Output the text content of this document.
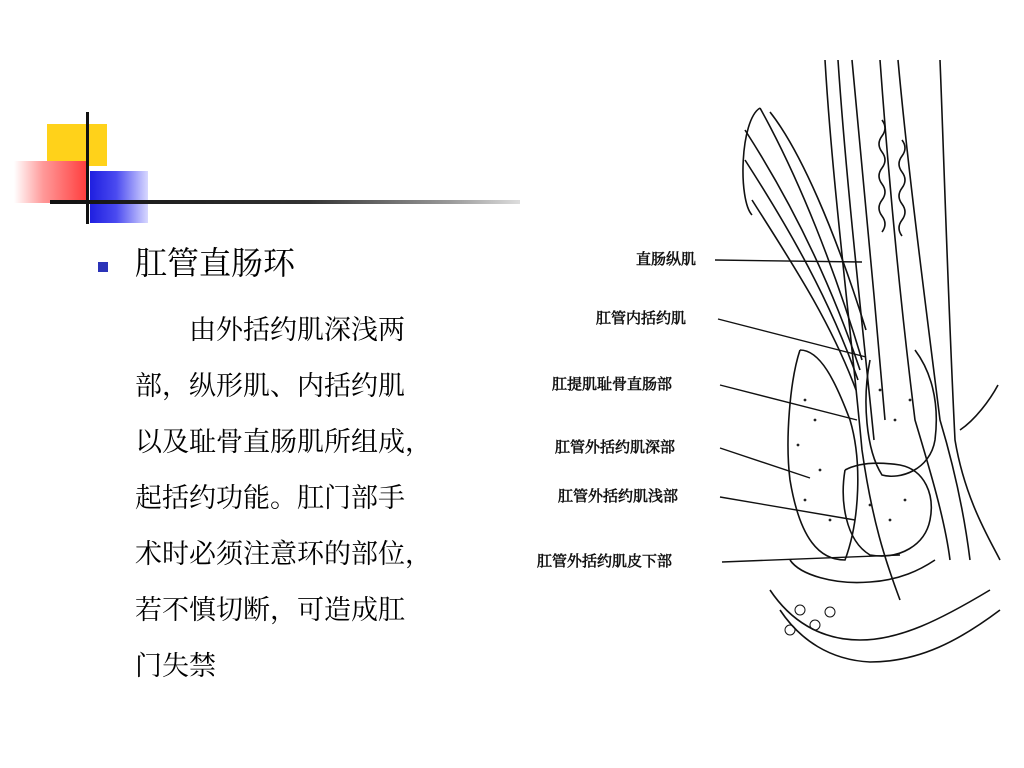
肛管直肠环

　　由外括约肌深浅两
部，纵形肌、内括约肌
以及耻骨直肠肌所组成，
起括约功能。肛门部手
术时必须注意环的部位，
若不慎切断，可造成肛
门失禁

直肠纵肌
肛管内括约肌
肛提肌耻骨直肠部
肛管外括约肌深部
肛管外括约肌浅部
肛管外括约肌皮下部
